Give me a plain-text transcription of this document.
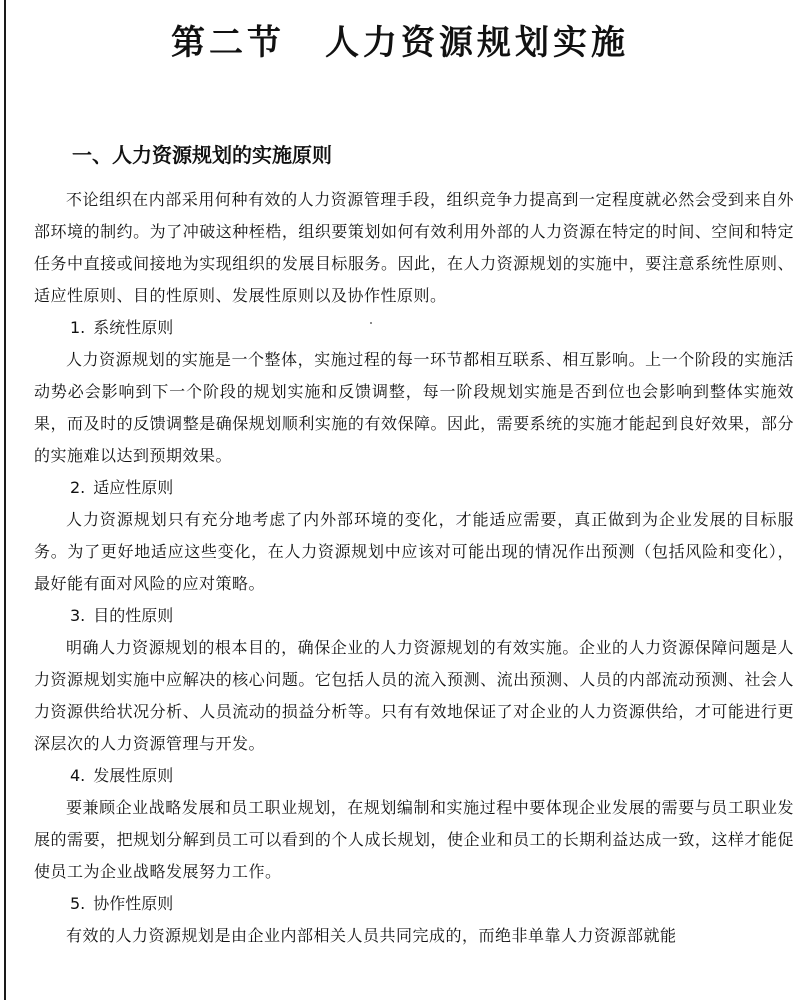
第二节 人力资源规划实施
一、人力资源规划的实施原则

不论组织在内部采用何种有效的人力资源管理手段，组织竞争力提高到一定程度就必然会受到来自外部环境的制约。为了冲破这种桎梏，组织要策划如何有效利用外部的人力资源在特定的时间、空间和特定任务中直接或间接地为实现组织的发展目标服务。因此，在人力资源规划的实施中，要注意系统性原则、适应性原则、目的性原则、发展性原则以及协作性原则。

1. 系统性原则

人力资源规划的实施是一个整体，实施过程的每一环节都相互联系、相互影响。上一个阶段的实施活动势必会影响到下一个阶段的规划实施和反馈调整，每一阶段规划实施是否到位也会影响到整体实施效果，而及时的反馈调整是确保规划顺利实施的有效保障。因此，需要系统的实施才能起到良好效果，部分的实施难以达到预期效果。

2. 适应性原则

人力资源规划只有充分地考虑了内外部环境的变化，才能适应需要，真正做到为企业发展的目标服务。为了更好地适应这些变化，在人力资源规划中应该对可能出现的情况作出预测（包括风险和变化），最好能有面对风险的应对策略。

3. 目的性原则

明确人力资源规划的根本目的，确保企业的人力资源规划的有效实施。企业的人力资源保障问题是人力资源规划实施中应解决的核心问题。它包括人员的流入预测、流出预测、人员的内部流动预测、社会人力资源供给状况分析、人员流动的损益分析等。只有有效地保证了对企业的人力资源供给，才可能进行更深层次的人力资源管理与开发。

4. 发展性原则

要兼顾企业战略发展和员工职业规划，在规划编制和实施过程中要体现企业发展的需要与员工职业发展的需要，把规划分解到员工可以看到的个人成长规划，使企业和员工的长期利益达成一致，这样才能促使员工为企业战略发展努力工作。

5. 协作性原则

有效的人力资源规划是由企业内部相关人员共同完成的，而绝非单靠人力资源部就能
